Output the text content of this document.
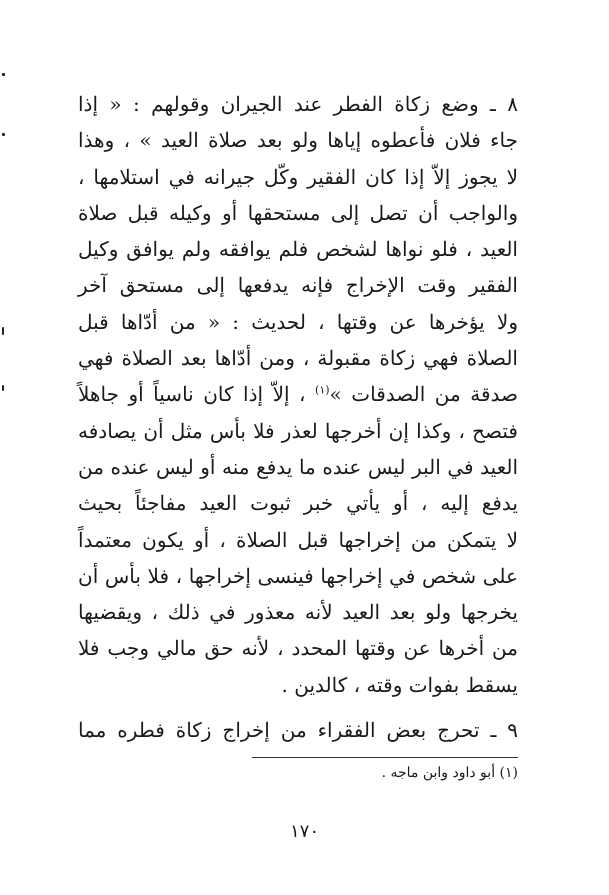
٨ ـ وضع زكاة الفطر عند الجيران وقولهم : « إذا
جاء فلان فأعطوه إياها ولو بعد صلاة العيد » ، وهذا
لا يجوز إلاّ إذا كان الفقير وكّل جيرانه في استلامها ،
والواجب أن تصل إلى مستحقها أو وكيله قبل صلاة
العيد ، فلو نواها لشخص فلم يوافقه ولم يوافق وكيل
الفقير وقت الإخراج فإنه يدفعها إلى مستحق آخر
ولا يؤخرها عن وقتها ، لحديث : « من أدّاها قبل
الصلاة فهي زكاة مقبولة ، ومن أدّاها بعد الصلاة فهي
صدقة من الصدقات »$^{(١)}$ ، إلاّ إذا كان ناسياً أو جاهلاً
فتصح ، وكذا إن أخرجها لعذر فلا بأس مثل أن يصادفه
العيد في البر ليس عنده ما يدفع منه أو ليس عنده من
يدفع إليه ، أو يأتي خبر ثبوت العيد مفاجئاً بحيث
لا يتمكن من إخراجها قبل الصلاة ، أو يكون معتمداً
على شخص في إخراجها فينسى إخراجها ، فلا بأس أن
يخرجها ولو بعد العيد لأنه معذور في ذلك ، ويقضيها
من أخرها عن وقتها المحدد ، لأنه حق مالي وجب فلا
يسقط بفوات وقته ، كالدين .
٩ ـ تحرج بعض الفقراء من إخراج زكاة فطره مما
(١) أبو داود وابن ماجه .
١٧٠
